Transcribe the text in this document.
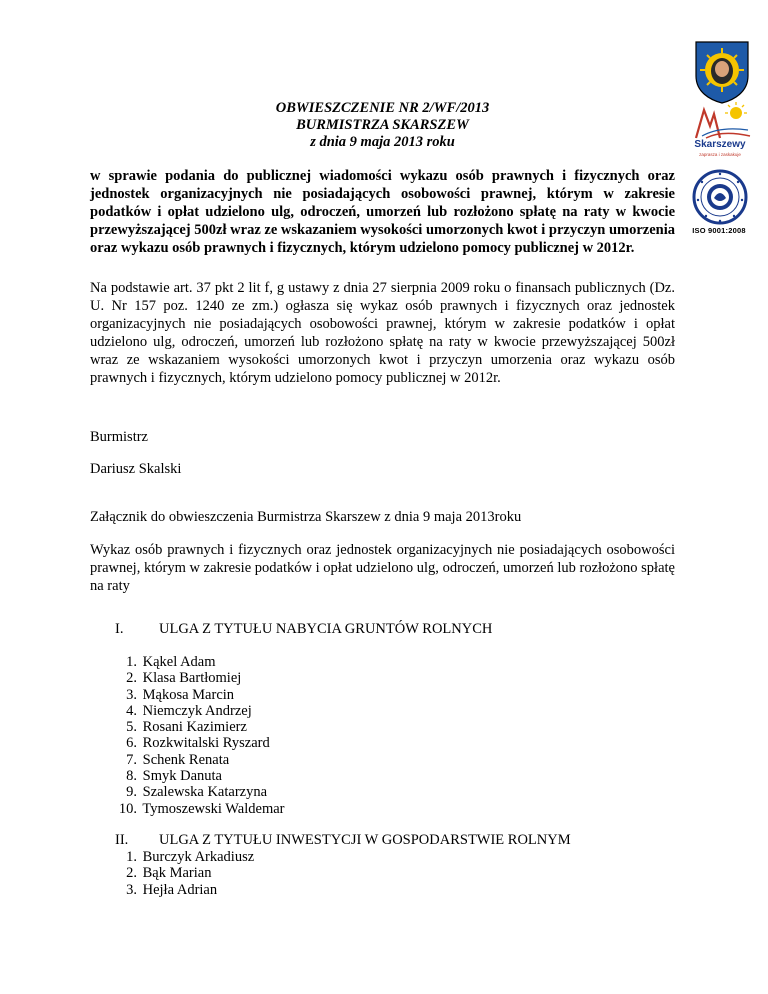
Skarszewy
zaprasza i zaskakuje
ISO 9001:2008
OBWIESZCZENIE NR 2/WF/2013
BURMISTRZA SKARSZEW
z dnia 9 maja 2013 roku
w sprawie podania do publicznej wiadomości wykazu osób prawnych i fizycznych oraz jednostek organizacyjnych nie posiadających osobowości prawnej, którym w zakresie podatków i opłat udzielono ulg, odroczeń, umorzeń lub rozłożono spłatę na raty w kwocie przewyższającej 500zł wraz ze wskazaniem wysokości umorzonych kwot i przyczyn umorzenia oraz wykazu osób prawnych i fizycznych, którym udzielono pomocy publicznej w 2012r.
Na podstawie art. 37 pkt 2 lit f, g ustawy z dnia 27 sierpnia 2009 roku o finansach publicznych (Dz. U. Nr 157 poz. 1240 ze zm.) ogłasza się wykaz osób prawnych i fizycznych oraz jednostek organizacyjnych nie posiadających osobowości prawnej, którym w zakresie podatków i opłat udzielono ulg, odroczeń, umorzeń lub rozłożono spłatę na raty w kwocie przewyższającej 500zł wraz ze wskazaniem wysokości umorzonych kwot i przyczyn umorzenia oraz wykazu osób prawnych i fizycznych, którym udzielono pomocy publicznej w 2012r.
Burmistrz
Dariusz Skalski
Załącznik do obwieszczenia Burmistrza Skarszew z dnia 9 maja 2013roku
Wykaz osób prawnych i fizycznych oraz jednostek organizacyjnych nie posiadających osobowości prawnej, którym w zakresie podatków i opłat udzielono ulg, odroczeń, umorzeń lub rozłożono spłatę na raty
I. ULGA Z TYTUŁU NABYCIA GRUNTÓW ROLNYCH
1. Kąkel Adam
2. Klasa Bartłomiej
3. Mąkosa Marcin
4. Niemczyk Andrzej
5. Rosani Kazimierz
6. Rozkwitalski Ryszard
7. Schenk Renata
8. Smyk Danuta
9. Szalewska Katarzyna
10. Tymoszewski Waldemar
II. ULGA Z TYTUŁU INWESTYCJI W GOSPODARSTWIE ROLNYM
1. Burczyk Arkadiusz
2. Bąk Marian
3. Hejła Adrian
